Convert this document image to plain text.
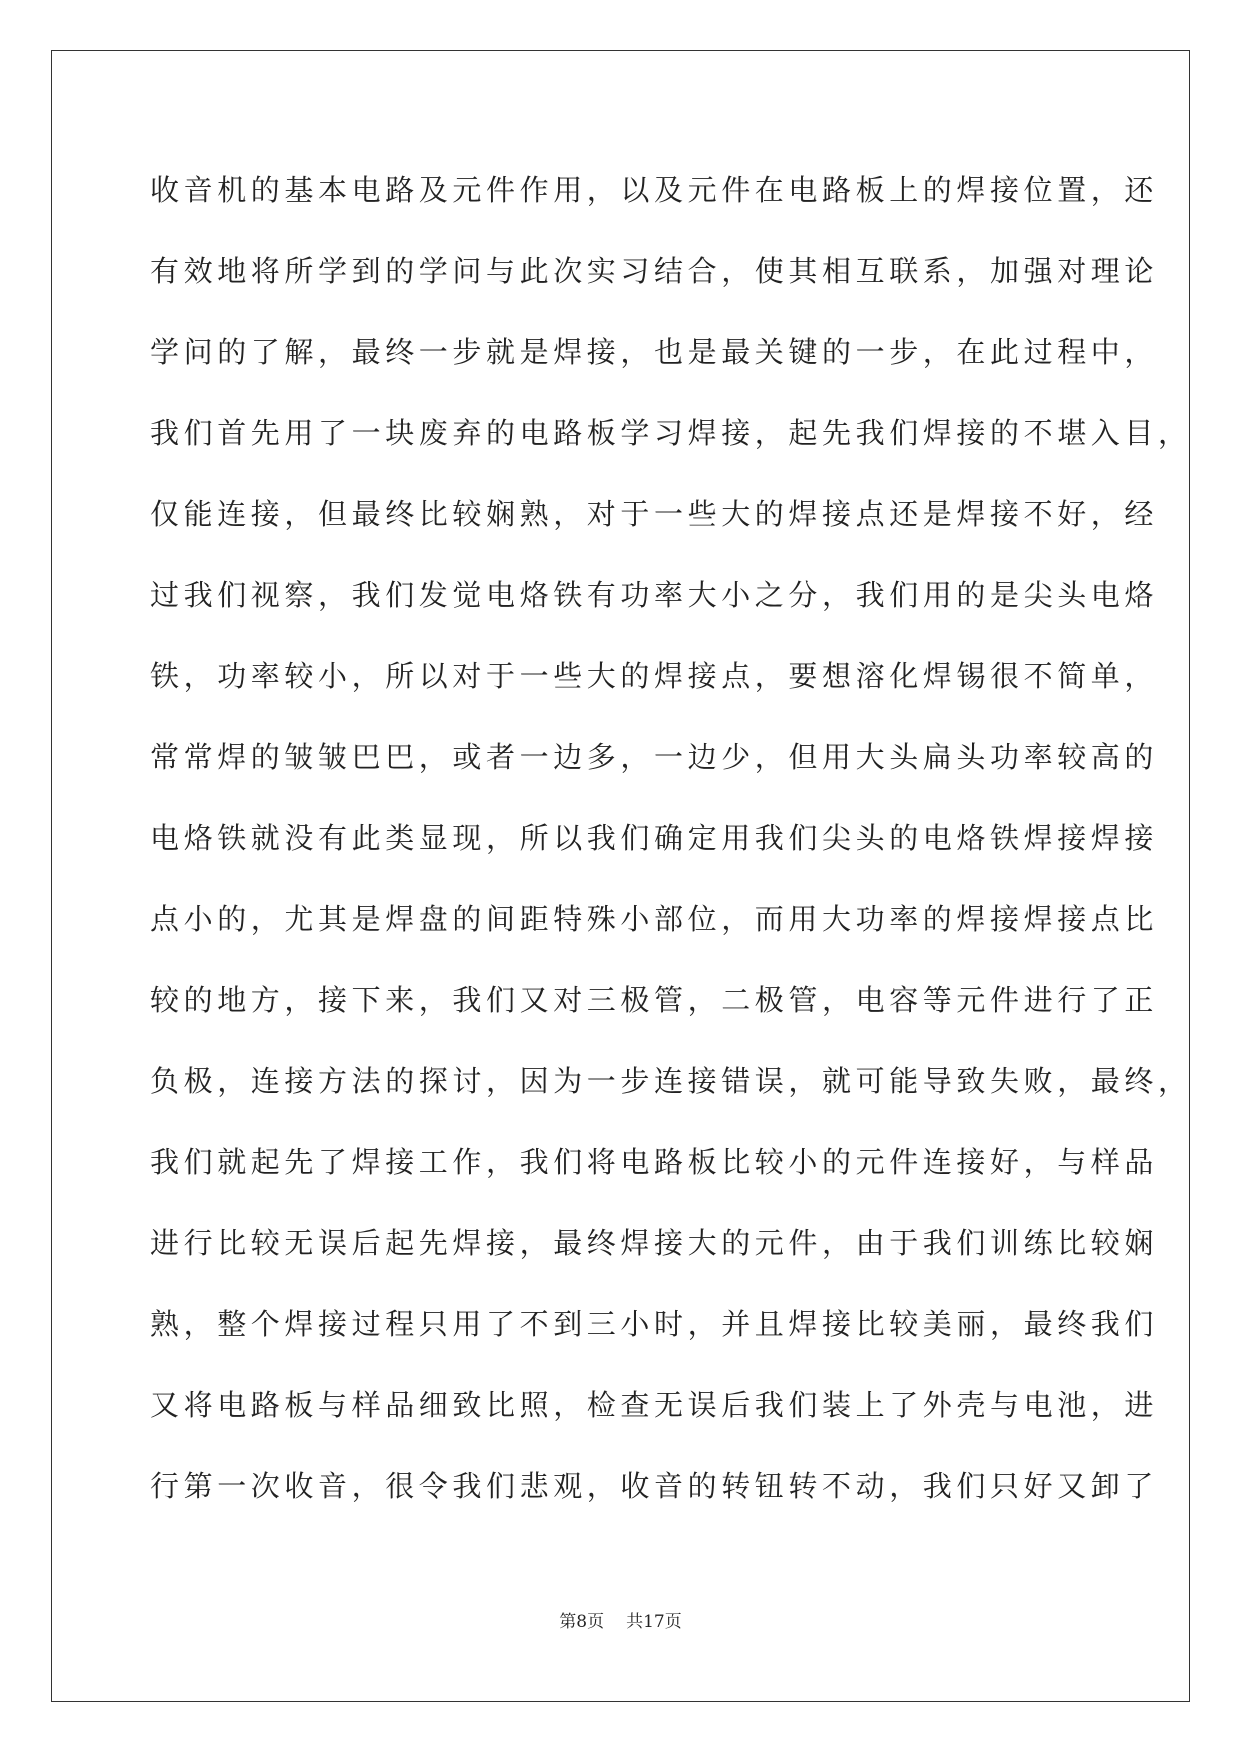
收音机的基本电路及元件作用，以及元件在电路板上的焊接位置，还
有效地将所学到的学问与此次实习结合，使其相互联系，加强对理论
学问的了解，最终一步就是焊接，也是最关键的一步，在此过程中，
我们首先用了一块废弃的电路板学习焊接，起先我们焊接的不堪入目，
仅能连接，但最终比较娴熟，对于一些大的焊接点还是焊接不好，经
过我们视察，我们发觉电烙铁有功率大小之分，我们用的是尖头电烙
铁，功率较小，所以对于一些大的焊接点，要想溶化焊锡很不简单，
常常焊的皱皱巴巴，或者一边多，一边少，但用大头扁头功率较高的
电烙铁就没有此类显现，所以我们确定用我们尖头的电烙铁焊接焊接
点小的，尤其是焊盘的间距特殊小部位，而用大功率的焊接焊接点比
较的地方，接下来，我们又对三极管，二极管，电容等元件进行了正
负极，连接方法的探讨，因为一步连接错误，就可能导致失败，最终，
我们就起先了焊接工作，我们将电路板比较小的元件连接好，与样品
进行比较无误后起先焊接，最终焊接大的元件，由于我们训练比较娴
熟，整个焊接过程只用了不到三小时，并且焊接比较美丽，最终我们
又将电路板与样品细致比照，检查无误后我们装上了外壳与电池，进
行第一次收音，很令我们悲观，收音的转钮转不动，我们只好又卸了
第8页 共17页
